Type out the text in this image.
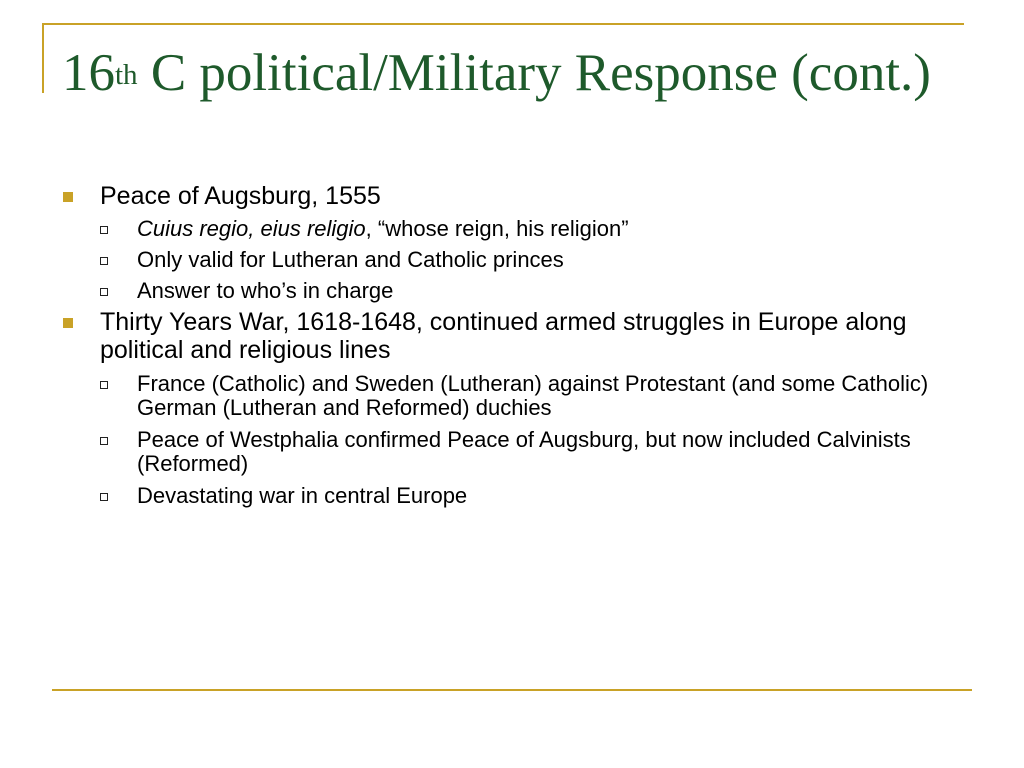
16th C political/Military Response (cont.)

Peace of Augsburg, 1555

Cuius regio, eius religio, “whose reign, his religion”

Only valid for Lutheran and Catholic princes

Answer to who’s in charge

Thirty Years War, 1618-1648, continued armed struggles in Europe along political and religious lines

France (Catholic) and Sweden (Lutheran) against Protestant (and some Catholic) German (Lutheran and Reformed) duchies

Peace of Westphalia confirmed Peace of Augsburg, but now included Calvinists (Reformed)

Devastating war in central Europe
